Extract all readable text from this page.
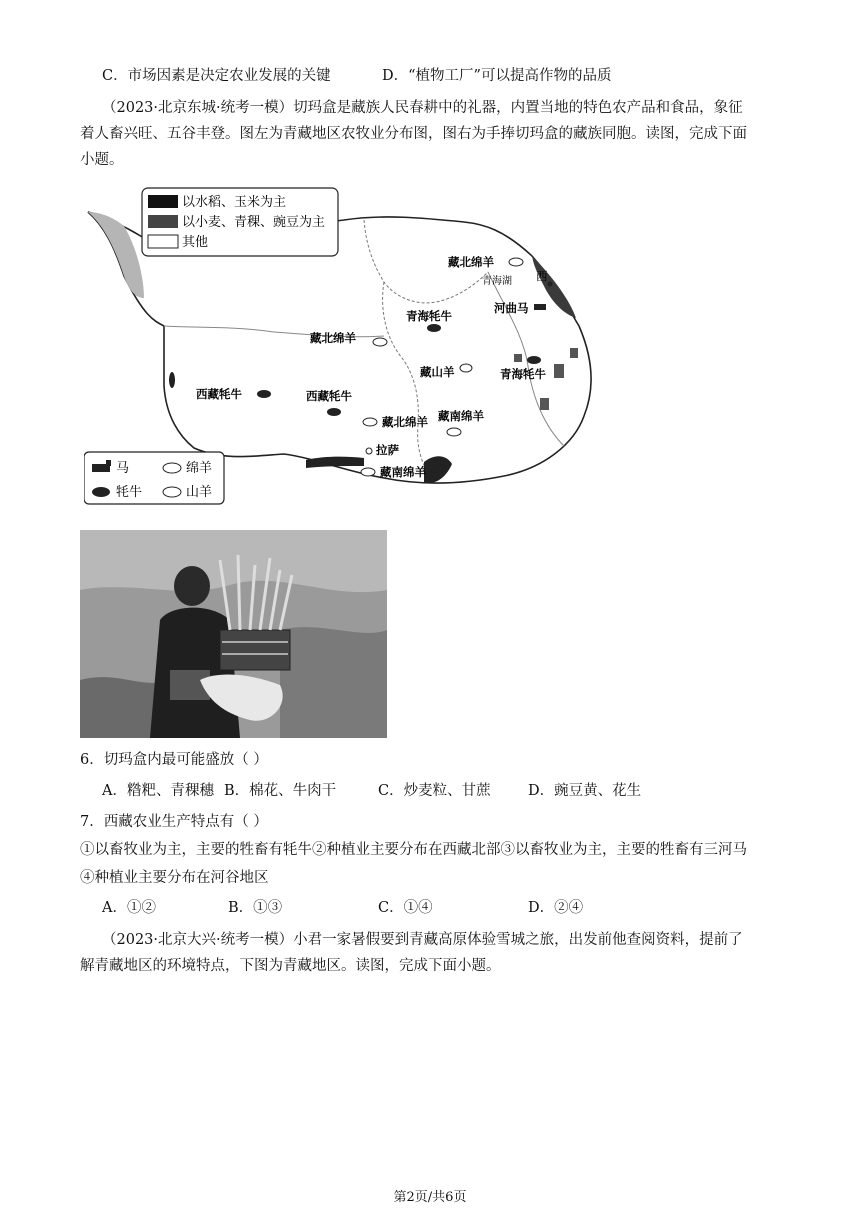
C．市场因素是决定农业发展的关键	D．“植物工厂”可以提高作物的品质
（2023·北京东城·统考一模）切玛盒是藏族人民春耕中的礼器，内置当地的特色农产品和食品，象征
着人畜兴旺、五谷丰登。图左为青藏地区农牧业分布图，图右为手捧切玛盒的藏族同胞。读图，完成下面
小题。
以水稻、玉米为主
以小麦、青稞、豌豆为主
其他
马	绵羊
牦牛	山羊
藏北绵羊
青海湖 西
河曲马
青海牦牛
藏北绵羊
藏山羊	青海牦牛
西藏牦牛	西藏牦牛
藏北绵羊 藏南绵羊
拉萨
藏南绵羊
6．切玛盒内最可能盛放（ ）
A．糌粑、青稞穗 B．棉花、牛肉干	C．炒麦粒、甘蔗	D．豌豆黄、花生
7．西藏农业生产特点有（ ）
①以畜牧业为主，主要的牲畜有牦牛②种植业主要分布在西藏北部③以畜牧业为主，主要的牲畜有三河马
④种植业主要分布在河谷地区
A．①②	B．①③	C．①④	D．②④
（2023·北京大兴·统考一模）小君一家暑假要到青藏高原体验雪城之旅，出发前他查阅资料，提前了
解青藏地区的环境特点，下图为青藏地区。读图，完成下面小题。
第2页/共6页
